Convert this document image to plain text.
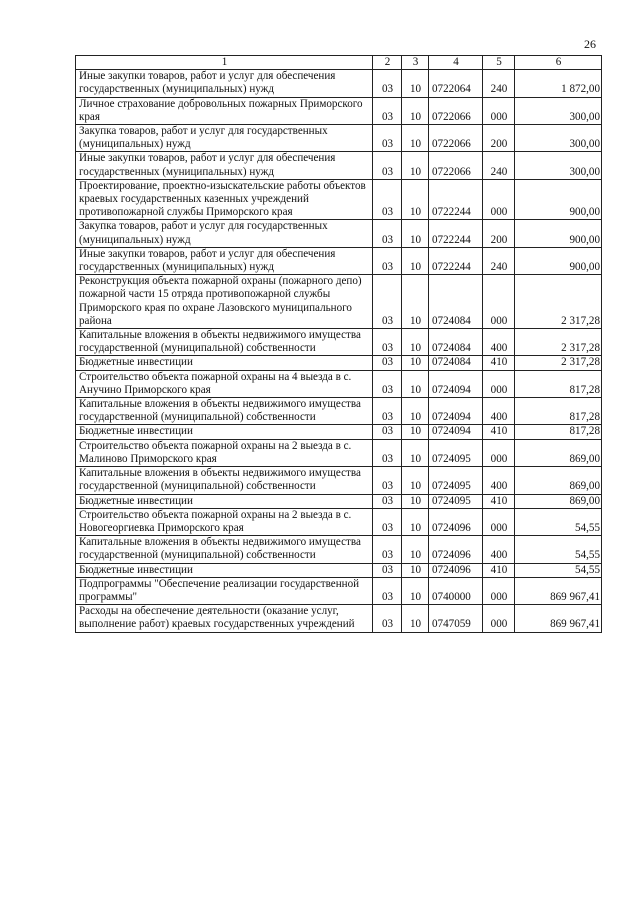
26
1	2	3	4	5	6
Иные закупки товаров, работ и услуг для обеспечения государственных (муниципальных) нужд	03	10	0722064	240	1 872,00
Личное страхование добровольных пожарных Приморского края	03	10	0722066	000	300,00
Закупка товаров, работ и услуг для государственных (муниципальных) нужд	03	10	0722066	200	300,00
Иные закупки товаров, работ и услуг для обеспечения государственных (муниципальных) нужд	03	10	0722066	240	300,00
Проектирование, проектно-изыскательские работы объектов краевых государственных казенных учреждений противопожарной службы Приморского края	03	10	0722244	000	900,00
Закупка товаров, работ и услуг для государственных (муниципальных) нужд	03	10	0722244	200	900,00
Иные закупки товаров, работ и услуг для обеспечения государственных (муниципальных) нужд	03	10	0722244	240	900,00
Реконструкция объекта пожарной охраны (пожарного депо) пожарной части 15 отряда противопожарной службы Приморского края по охране Лазовского муниципального района	03	10	0724084	000	2 317,28
Капитальные вложения в объекты недвижимого имущества государственной (муниципальной) собственности	03	10	0724084	400	2 317,28
Бюджетные инвестиции	03	10	0724084	410	2 317,28
Строительство объекта пожарной охраны на 4 выезда в с. Анучино Приморского края	03	10	0724094	000	817,28
Капитальные вложения в объекты недвижимого имущества государственной (муниципальной) собственности	03	10	0724094	400	817,28
Бюджетные инвестиции	03	10	0724094	410	817,28
Строительство объекта пожарной охраны на 2 выезда в с. Малиново Приморского края	03	10	0724095	000	869,00
Капитальные вложения в объекты недвижимого имущества государственной (муниципальной) собственности	03	10	0724095	400	869,00
Бюджетные инвестиции	03	10	0724095	410	869,00
Строительство объекта пожарной охраны на 2 выезда в с. Новогеоргиевка Приморского края	03	10	0724096	000	54,55
Капитальные вложения в объекты недвижимого имущества государственной (муниципальной) собственности	03	10	0724096	400	54,55
Бюджетные инвестиции	03	10	0724096	410	54,55
Подпрограммы "Обеспечение реализации государственной программы"	03	10	0740000	000	869 967,41
Расходы на обеспечение деятельности (оказание услуг, выполнение работ) краевых государственных учреждений	03	10	0747059	000	869 967,41
